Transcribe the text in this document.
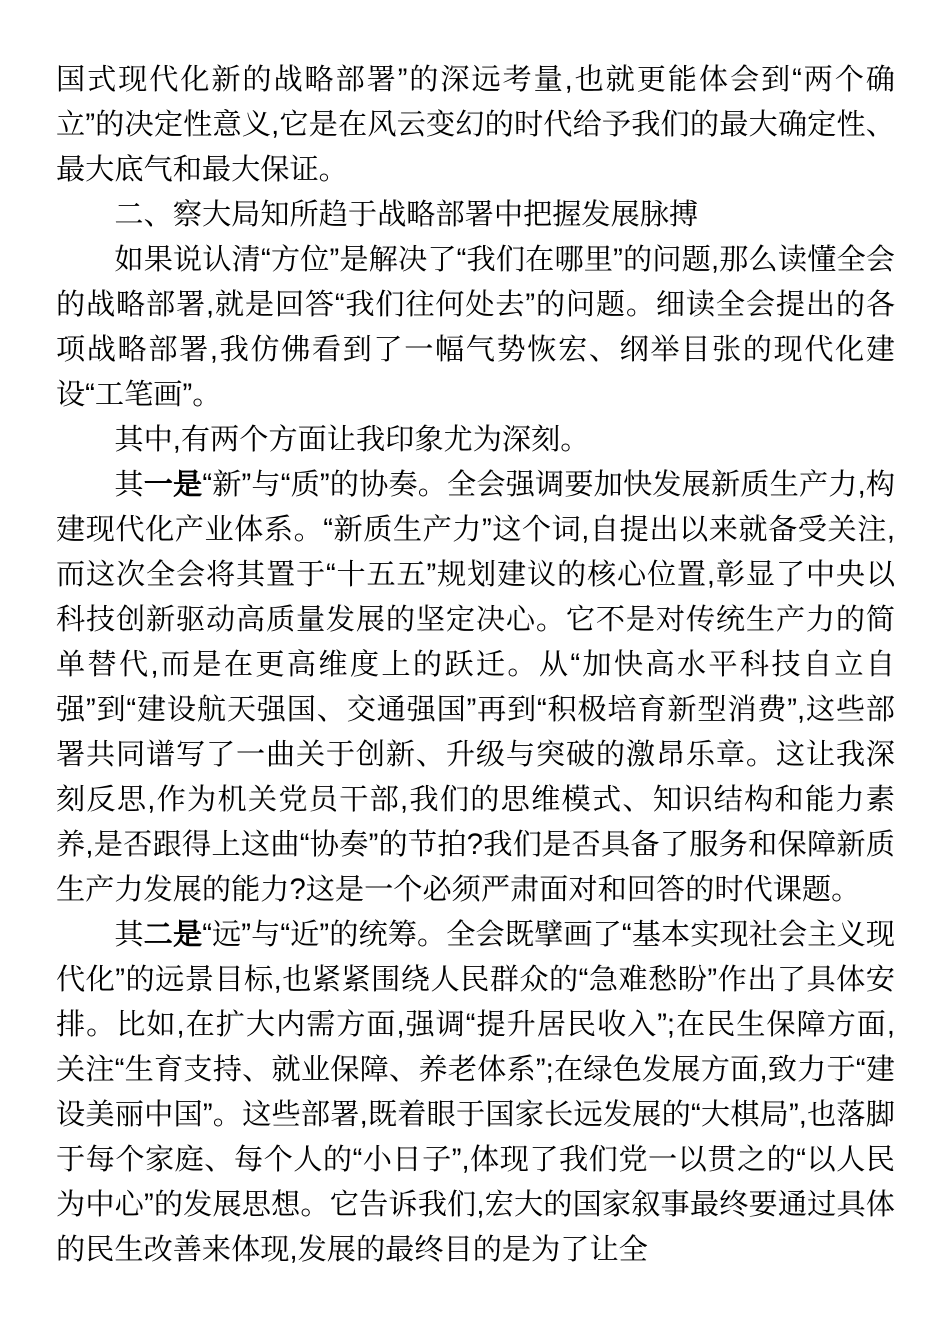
国式现代化新的战略部署”的深远考量,也就更能体会到“两个确立”的决定性意义,它是在风云变幻的时代给予我们的最大确定性、最大底气和最大保证。

二、察大局知所趋于战略部署中把握发展脉搏

如果说认清“方位”是解决了“我们在哪里”的问题,那么读懂全会的战略部署,就是回答“我们往何处去”的问题。细读全会提出的各项战略部署,我仿佛看到了一幅气势恢宏、纲举目张的现代化建设“工笔画”。

其中,有两个方面让我印象尤为深刻。

其一是“新”与“质”的协奏。全会强调要加快发展新质生产力,构建现代化产业体系。“新质生产力”这个词,自提出以来就备受关注,而这次全会将其置于“十五五”规划建议的核心位置,彰显了中央以科技创新驱动高质量发展的坚定决心。它不是对传统生产力的简单替代,而是在更高维度上的跃迁。从“加快高水平科技自立自强”到“建设航天强国、交通强国”再到“积极培育新型消费”,这些部署共同谱写了一曲关于创新、升级与突破的激昂乐章。这让我深刻反思,作为机关党员干部,我们的思维模式、知识结构和能力素养,是否跟得上这曲“协奏”的节拍?我们是否具备了服务和保障新质生产力发展的能力?这是一个必须严肃面对和回答的时代课题。

其二是“远”与“近”的统筹。全会既擘画了“基本实现社会主义现代化”的远景目标,也紧紧围绕人民群众的“急难愁盼”作出了具体安排。比如,在扩大内需方面,强调“提升居民收入”;在民生保障方面,关注“生育支持、就业保障、养老体系”;在绿色发展方面,致力于“建设美丽中国”。这些部署,既着眼于国家长远发展的“大棋局”,也落脚于每个家庭、每个人的“小日子”,体现了我们党一以贯之的“以人民为中心”的发展思想。它告诉我们,宏大的国家叙事最终要通过具体的民生改善来体现,发展的最终目的是为了让全
